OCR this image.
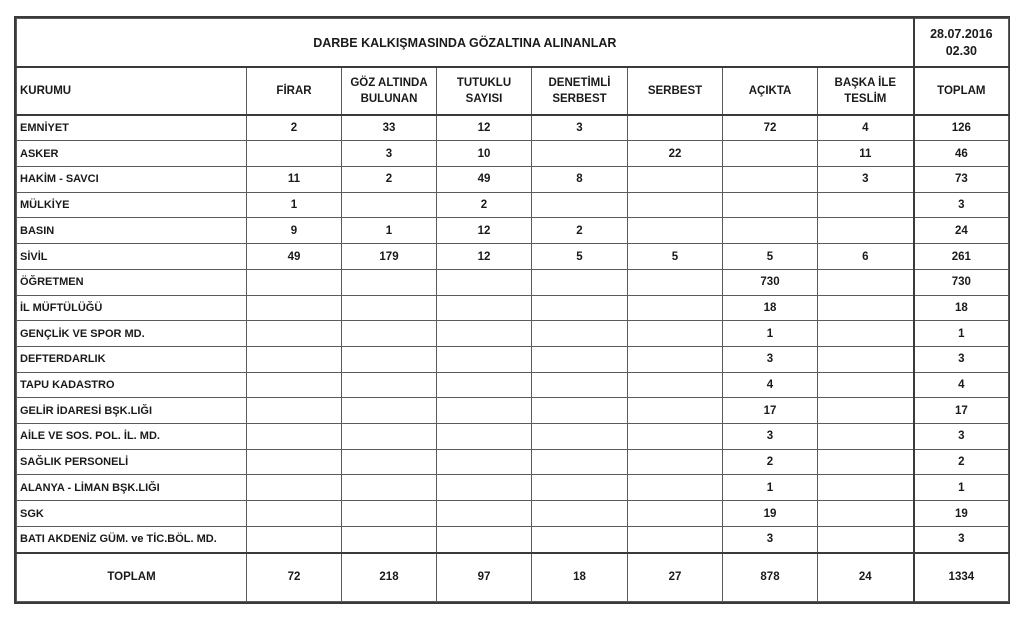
DARBE KALKIŞMASINDA GÖZALTINA ALINANLAR								28.07.2016
02.30

KURUMU	FİRAR	GÖZ ALTINDA BULUNAN	TUTUKLU SAYISI	DENETİMLİ SERBEST	SERBEST	AÇIKTA	BAŞKA İLE TESLİM	TOPLAM
EMNİYET	2	33	12	3		72	4	126
ASKER		3	10		22		11	46
HAKİM - SAVCI	11	2	49	8			3	73
MÜLKİYE	1		2					3
BASIN	9	1	12	2				24
SİVİL	49	179	12	5	5	5	6	261
ÖĞRETMEN						730		730
İL MÜFTÜLÜĞÜ						18		18
GENÇLİK VE SPOR MD.						1		1
DEFTERDARLIK						3		3
TAPU KADASTRO						4		4
GELİR İDARESİ BŞK.LIĞI						17		17
AİLE VE SOS. POL. İL. MD.						3		3
SAĞLIK PERSONELİ						2		2
ALANYA - LİMAN BŞK.LIĞI						1		1
SGK						19		19
BATI AKDENİZ GÜM. ve TİC.BÖL. MD.						3		3
TOPLAM	72	218	97	18	27	878	24	1334
